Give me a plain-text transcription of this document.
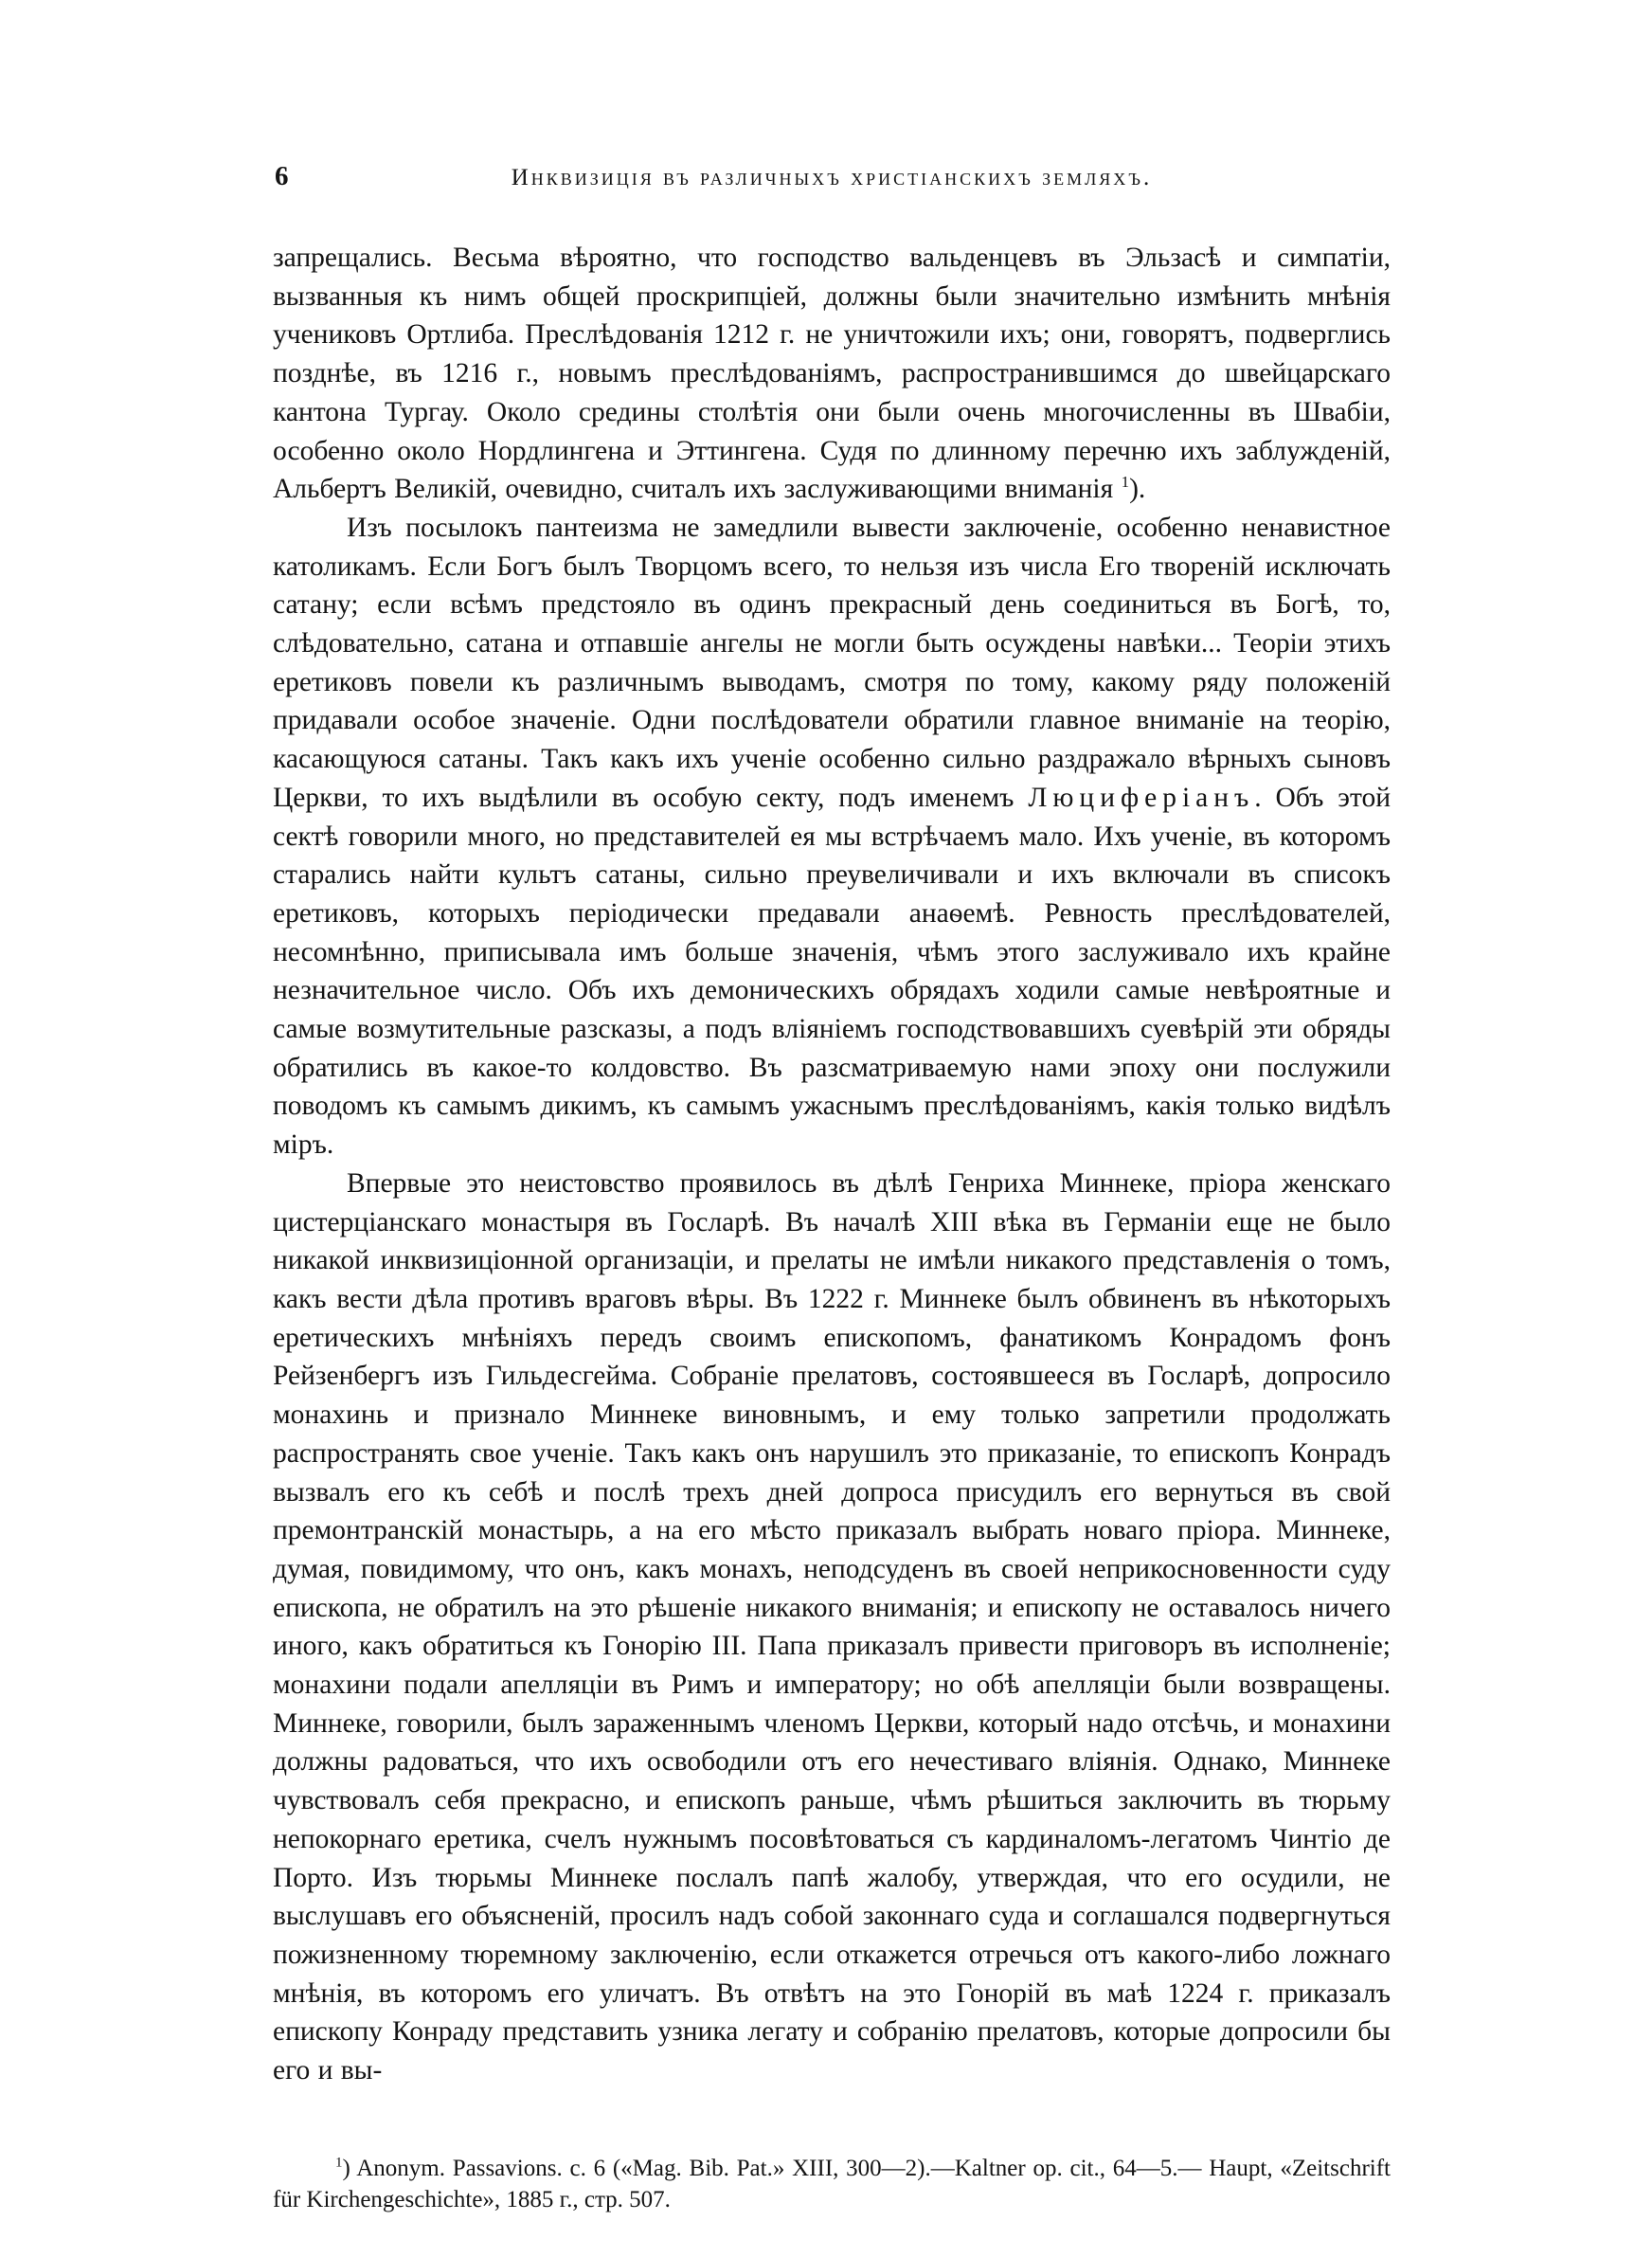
6	Инквизиція въ различныхъ христіанскихъ земляхъ.

запрещались. Весьма вѣроятно, что господство вальденцевъ въ Эльзасѣ и симпатіи, вызванныя къ нимъ общей проскрипціей, должны были значительно измѣнить мнѣнія учениковъ Ортлиба. Преслѣдованія 1212 г. не уничтожили ихъ; они, говорятъ, подверглись позднѣе, въ 1216 г., новымъ преслѣдованіямъ, распространившимся до швейцарскаго кантона Тургау. Около средины столѣтія они были очень многочисленны въ Швабіи, особенно около Нордлингена и Эттингена. Судя по длинному перечню ихъ заблужденій, Альбертъ Великій, очевидно, считалъ ихъ заслуживающими вниманія $^1$).

Изъ посылокъ пантеизма не замедлили вывести заключеніе, особенно ненавистное католикамъ. Если Богъ былъ Творцомъ всего, то нельзя изъ числа Его твореній исключать сатану; если всѣмъ предстояло въ одинъ прекрасный день соединиться въ Богѣ, то, слѣдовательно, сатана и отпавшіе ангелы не могли быть осуждены навѣки... Теоріи этихъ еретиковъ повели къ различнымъ выводамъ, смотря по тому, какому ряду положеній придавали особое значеніе. Одни послѣдователи обратили главное вниманіе на теорію, касающуюся сатаны. Такъ какъ ихъ ученіе особенно сильно раздражало вѣрныхъ сыновъ Церкви, то ихъ выдѣлили въ особую секту, подъ именемъ Люциферіанъ. Объ этой сектѣ говорили много, но представителей ея мы встрѣчаемъ мало. Ихъ ученіе, въ которомъ старались найти культъ сатаны, сильно преувеличивали и ихъ включали въ списокъ еретиковъ, которыхъ періодически предавали анаѳемѣ. Ревность преслѣдователей, несомнѣнно, приписывала имъ больше значенія, чѣмъ этого заслуживало ихъ крайне незначительное число. Объ ихъ демоническихъ обрядахъ ходили самые невѣроятные и самые возмутительные разсказы, а подъ вліяніемъ господствовавшихъ суевѣрій эти обряды обратились въ какое-то колдовство. Въ разсматриваемую нами эпоху они послужили поводомъ къ самымъ дикимъ, къ самымъ ужаснымъ преслѣдованіямъ, какія только видѣлъ міръ.

Впервые это неистовство проявилось въ дѣлѣ Генриха Миннеке, пріора женскаго цистерціанскаго монастыря въ Госларѣ. Въ началѣ XIII вѣка въ Германіи еще не было никакой инквизиціонной организаціи, и прелаты не имѣли никакого представленія о томъ, какъ вести дѣла противъ враговъ вѣры. Въ 1222 г. Миннеке былъ обвиненъ въ нѣкоторыхъ еретическихъ мнѣніяхъ передъ своимъ епископомъ, фанатикомъ Конрадомъ фонъ Рейзенбергъ изъ Гильдесгейма. Собраніе прелатовъ, состоявшееся въ Госларѣ, допросило монахинь и признало Миннеке виновнымъ, и ему только запретили продолжать распространять свое ученіе. Такъ какъ онъ нарушилъ это приказаніе, то епископъ Конрадъ вызвалъ его къ себѣ и послѣ трехъ дней допроса присудилъ его вернуться въ свой премонтранскій монастырь, а на его мѣсто приказалъ выбрать новаго пріора. Миннеке, думая, повидимому, что онъ, какъ монахъ, неподсуденъ въ своей неприкосновенности суду епископа, не обратилъ на это рѣшеніе никакого вниманія; и епископу не оставалось ничего иного, какъ обратиться къ Гонорію III. Папа приказалъ привести приговоръ въ исполненіе; монахини подали апелляціи въ Римъ и императору; но обѣ апелляціи были возвращены. Миннеке, говорили, былъ зараженнымъ членомъ Церкви, который надо отсѣчь, и монахини должны радоваться, что ихъ освободили отъ его нечестиваго вліянія. Однако, Миннеке чувствовалъ себя прекрасно, и епископъ раньше, чѣмъ рѣшиться заключить въ тюрьму непокорнаго еретика, счелъ нужнымъ посовѣтоваться съ кардиналомъ-легатомъ Чинтіо де Порто. Изъ тюрьмы Миннеке послалъ папѣ жалобу, утверждая, что его осудили, не выслушавъ его объясненій, просилъ надъ собой законнаго суда и соглашался подвергнуться пожизненному тюремному заключенію, если откажется отречься отъ какого-либо ложнаго мнѣнія, въ которомъ его уличатъ. Въ отвѣтъ на это Гонорій въ маѣ 1224 г. приказалъ епископу Конраду представить узника легату и собранію прелатовъ, которые допросили бы его и вы-

$^1$) Anonym. Passavions. c. 6 («Mag. Bib. Pat.» XIII, 300—2).—Kaltner op. cit., 64—5.— Haupt, «Zeitschrift für Kirchengeschichte», 1885 г., стр. 507.
